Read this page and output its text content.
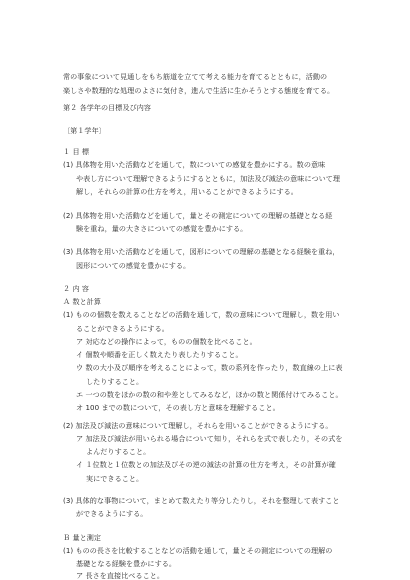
常の事象について見通しをもち筋道を立てて考える能力を育てるとともに，活動の
楽しさや数理的な処理のよさに気付き，進んで生活に生かそうとする態度を育てる。
第２ 各学年の目標及び内容
〔第１学年〕
１ 目 標
(1) 具体物を用いた活動などを通して，数についての感覚を豊かにする。数の意味
や表し方について理解できるようにするとともに，加法及び減法の意味について理
解し，それらの計算の仕方を考え，用いることができるようにする。
(2) 具体物を用いた活動などを通して，量とその測定についての理解の基礎となる経
験を重ね，量の大きさについての感覚を豊かにする。
(3) 具体物を用いた活動などを通して，図形についての理解の基礎となる経験を重ね，
図形についての感覚を豊かにする。
２ 内 容
Ａ 数と計算
(1) ものの個数を数えることなどの活動を通して，数の意味について理解し，数を用い
ることができるようにする。
ア 対応などの操作によって，ものの個数を比べること。
イ 個数や順番を正しく数えたり表したりすること。
ウ 数の大小及び順序を考えることによって，数の系列を作ったり，数直線の上に表
したりすること。
エ 一つの数をほかの数の和や差としてみるなど，ほかの数と関係付けてみること。
オ 100 までの数について，その表し方と意味を理解すること。
(2) 加法及び減法の意味について理解し，それらを用いることができるようにする。
ア 加法及び減法が用いられる場合について知り，それらを式で表したり，その式を
よんだりすること。
イ １位数と１位数との加法及びその逆の減法の計算の仕方を考え，その計算が確
実にできること。
(3) 具体的な事物について，まとめて数えたり等分したりし，それを整理して表すこと
ができるようにする。
Ｂ 量と測定
(1) ものの長さを比較することなどの活動を通して，量とその測定についての理解の
基礎となる経験を豊かにする。
ア 長さを直接比べること。
